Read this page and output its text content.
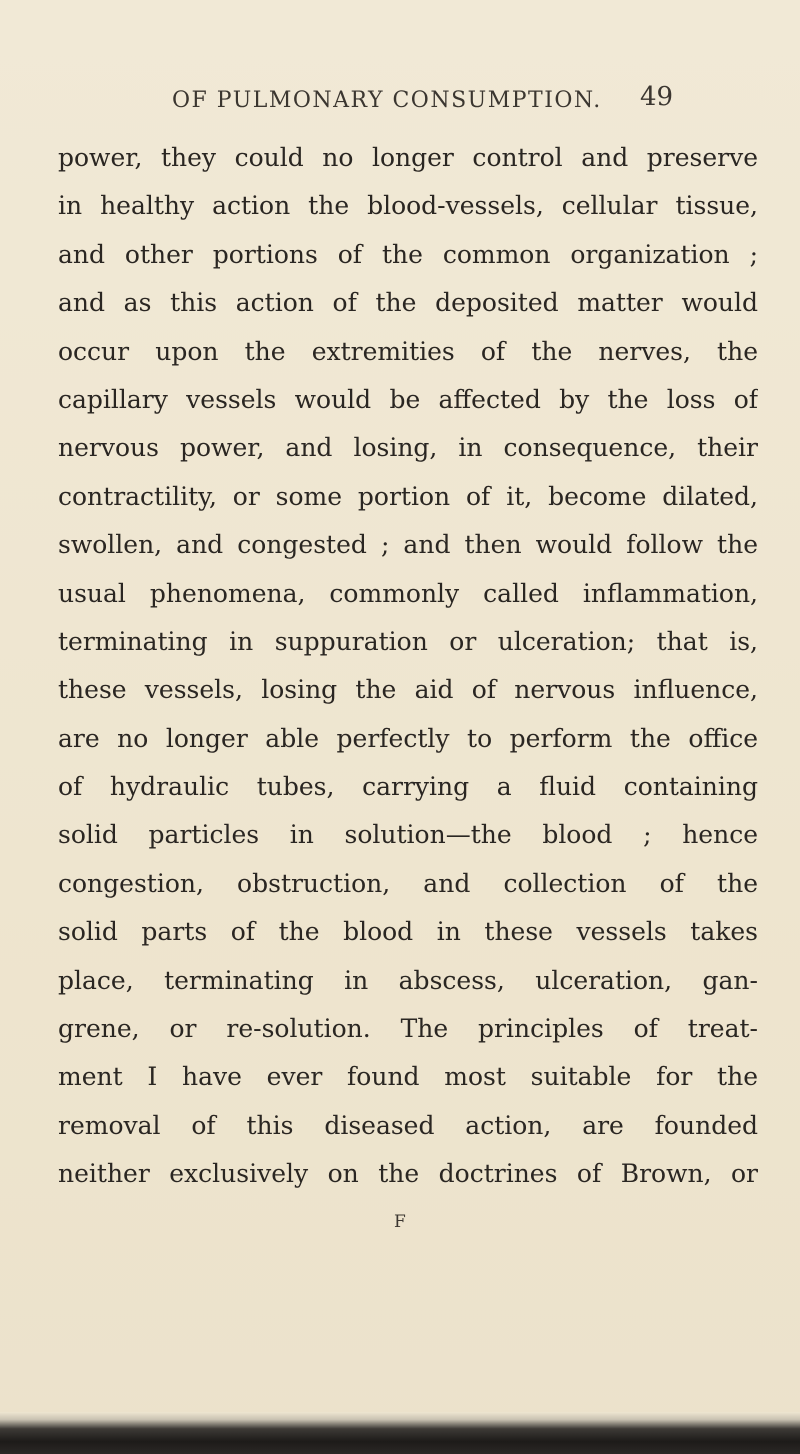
OF PULMONARY CONSUMPTION. 49
power, they could no longer control and preserve
in healthy action the blood-vessels, cellular tissue,
and other portions of the common organization ;
and as this action of the deposited matter would
occur upon the extremities of the nerves, the
capillary vessels would be affected by the loss of
nervous power, and losing, in consequence, their
contractility, or some portion of it, become dilated,
swollen, and congested ; and then would follow the
usual phenomena, commonly called inflammation,
terminating in suppuration or ulceration; that is,
these vessels, losing the aid of nervous influence,
are no longer able perfectly to perform the office
of hydraulic tubes, carrying a fluid containing
solid particles in solution—the blood ; hence
congestion, obstruction, and collection of the
solid parts of the blood in these vessels takes
place, terminating in abscess, ulceration, gan-
grene, or re-solution. The principles of treat-
ment I have ever found most suitable for the
removal of this diseased action, are founded
neither exclusively on the doctrines of Brown, or
F
